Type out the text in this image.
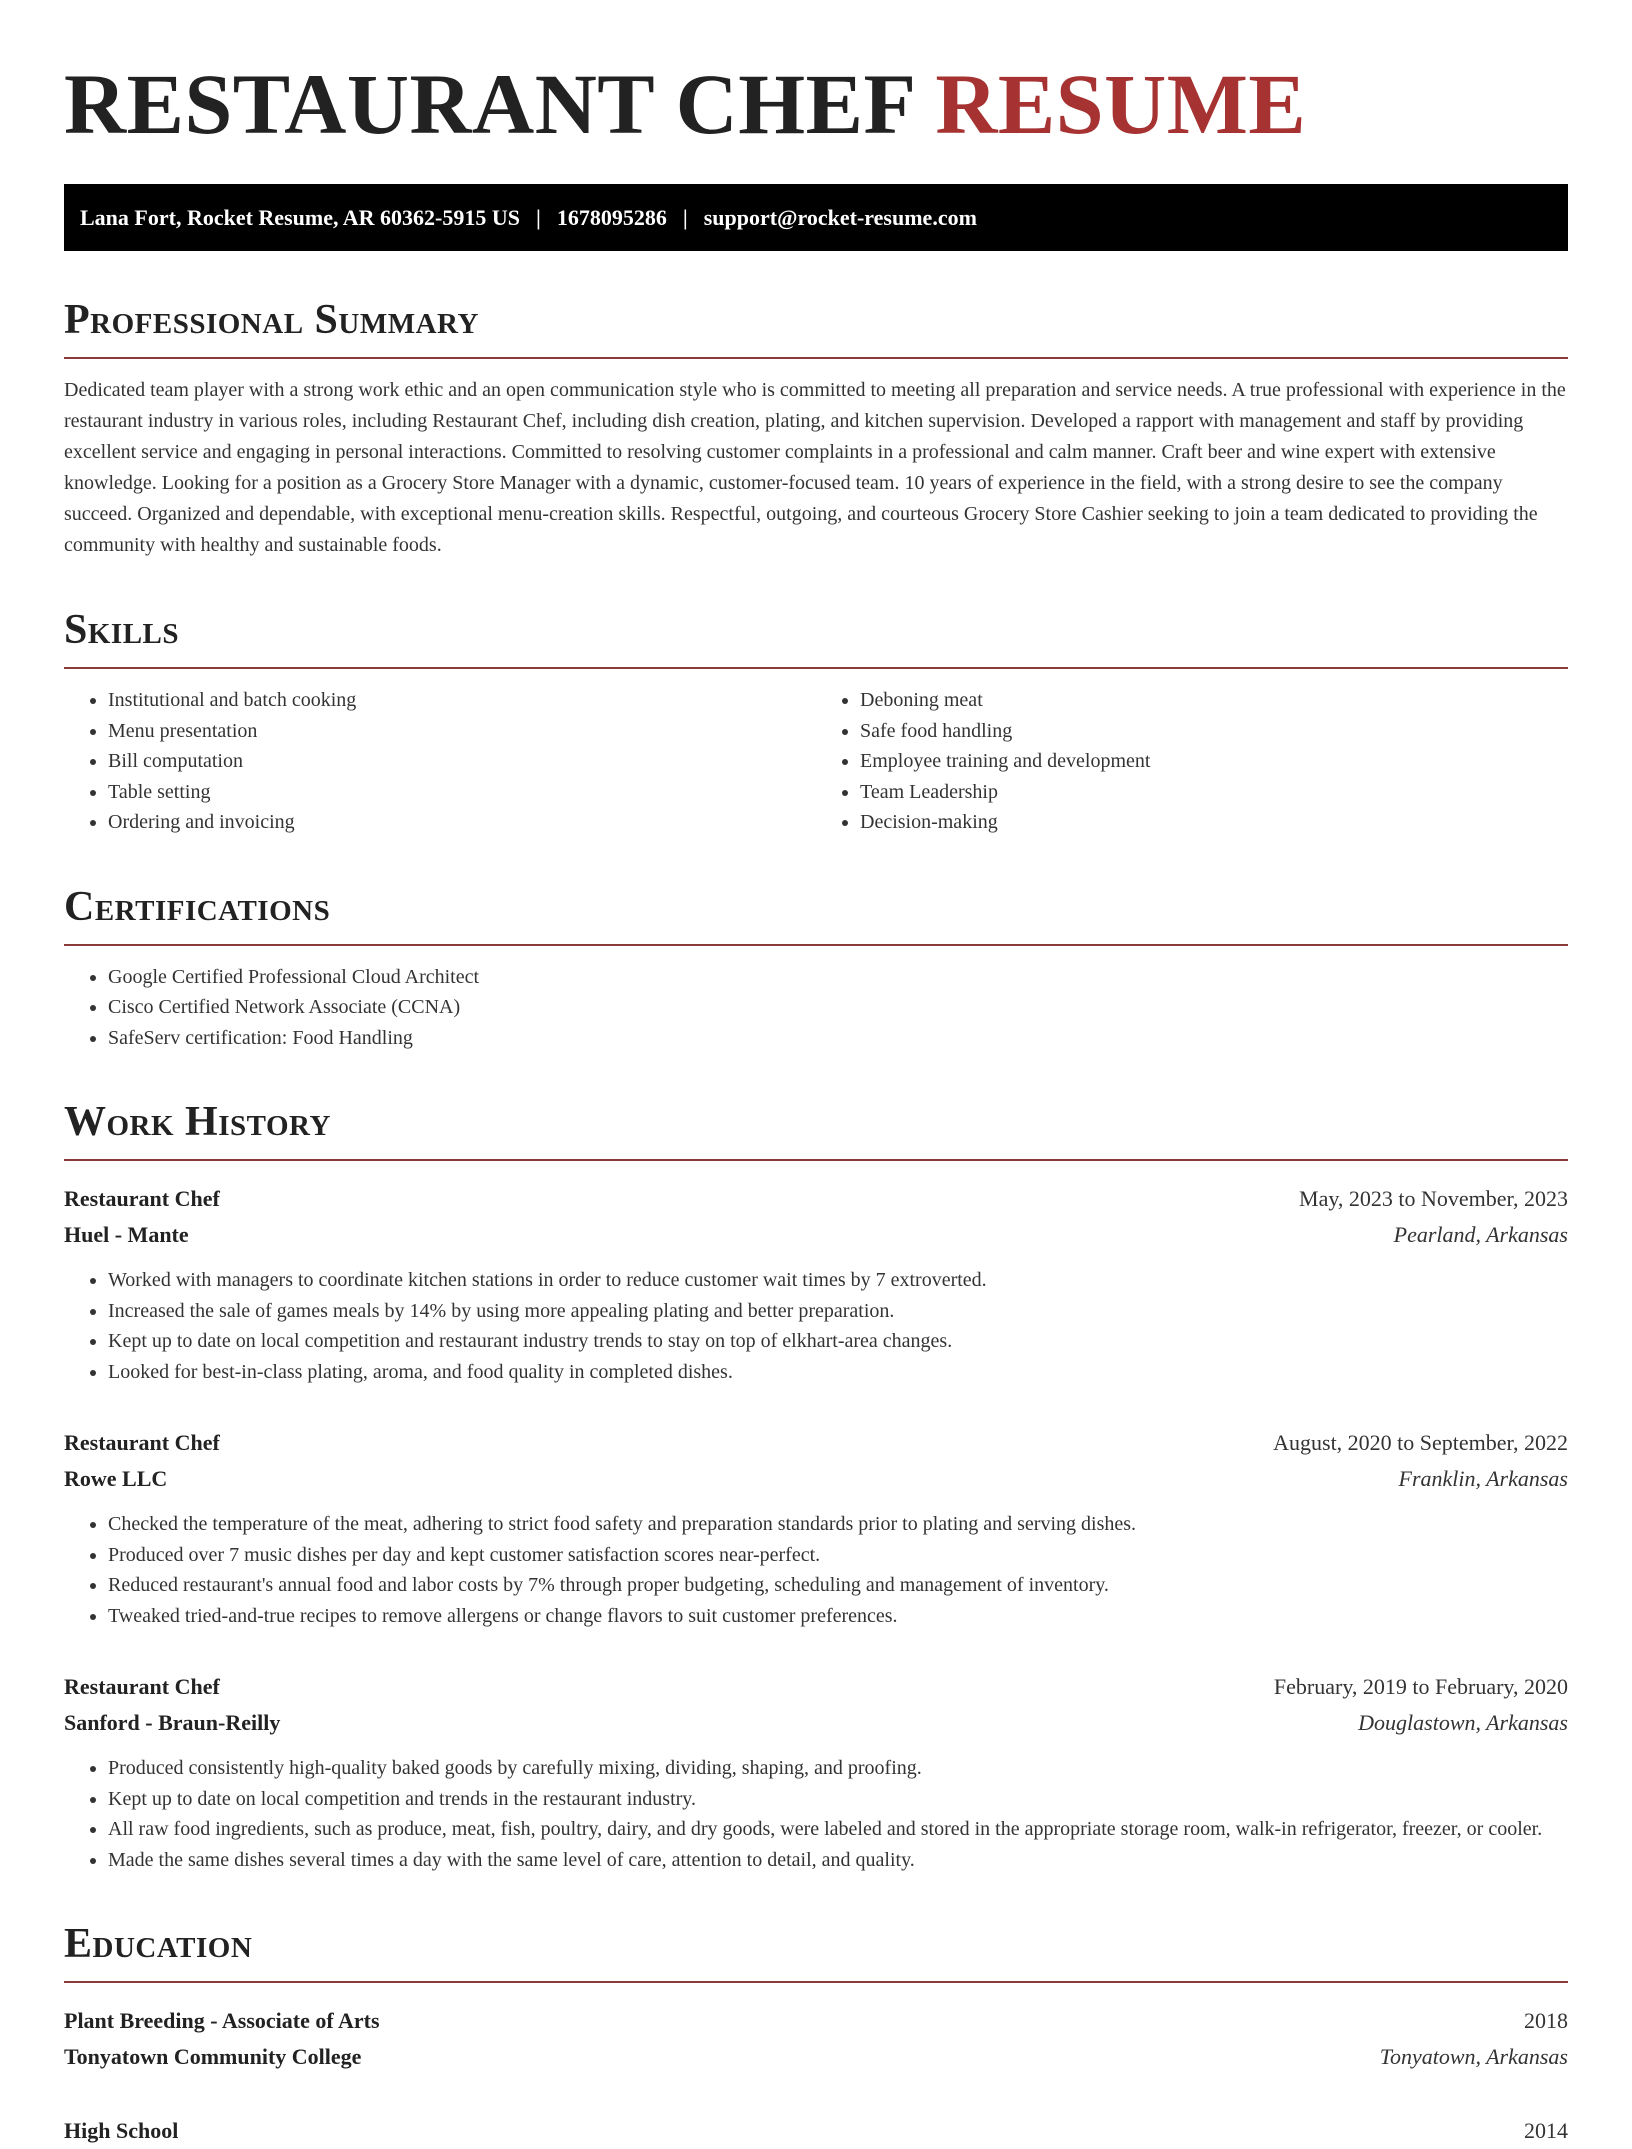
RESTAURANT CHEF RESUME
Lana Fort, Rocket Resume, AR 60362-5915 US | 1678095286 | support@rocket-resume.com
Professional Summary

Dedicated team player with a strong work ethic and an open communication style who is committed to meeting all preparation and service needs. A true professional with experience in the restaurant industry in various roles, including Restaurant Chef, including dish creation, plating, and kitchen supervision. Developed a rapport with management and staff by providing excellent service and engaging in personal interactions. Committed to resolving customer complaints in a professional and calm manner. Craft beer and wine expert with extensive knowledge. Looking for a position as a Grocery Store Manager with a dynamic, customer-focused team. 10 years of experience in the field, with a strong desire to see the company succeed. Organized and dependable, with exceptional menu-creation skills. Respectful, outgoing, and courteous Grocery Store Cashier seeking to join a team dedicated to providing the community with healthy and sustainable foods.

Skills
• Institutional and batch cooking
• Menu presentation
• Bill computation
• Table setting
• Ordering and invoicing
• Deboning meat
• Safe food handling
• Employee training and development
• Team Leadership
• Decision-making
Certifications
• Google Certified Professional Cloud Architect
• Cisco Certified Network Associate (CCNA)
• SafeServ certification: Food Handling
Work History
Restaurant Chef	May, 2023 to November, 2023
Huel - Mante	Pearland, Arkansas
• Worked with managers to coordinate kitchen stations in order to reduce customer wait times by 7 extroverted.
• Increased the sale of games meals by 14% by using more appealing plating and better preparation.
• Kept up to date on local competition and restaurant industry trends to stay on top of elkhart-area changes.
• Looked for best-in-class plating, aroma, and food quality in completed dishes.
Restaurant Chef	August, 2020 to September, 2022
Rowe LLC	Franklin, Arkansas
• Checked the temperature of the meat, adhering to strict food safety and preparation standards prior to plating and serving dishes.
• Produced over 7 music dishes per day and kept customer satisfaction scores near-perfect.
• Reduced restaurant's annual food and labor costs by 7% through proper budgeting, scheduling and management of inventory.
• Tweaked tried-and-true recipes to remove allergens or change flavors to suit customer preferences.
Restaurant Chef	February, 2019 to February, 2020
Sanford - Braun-Reilly	Douglastown, Arkansas
• Produced consistently high-quality baked goods by carefully mixing, dividing, shaping, and proofing.
• Kept up to date on local competition and trends in the restaurant industry.
• All raw food ingredients, such as produce, meat, fish, poultry, dairy, and dry goods, were labeled and stored in the appropriate storage room, walk-in refrigerator, freezer, or cooler.
• Made the same dishes several times a day with the same level of care, attention to detail, and quality.
Education
Plant Breeding - Associate of Arts	2018
Tonyatown Community College	Tonyatown, Arkansas
High School	2014
